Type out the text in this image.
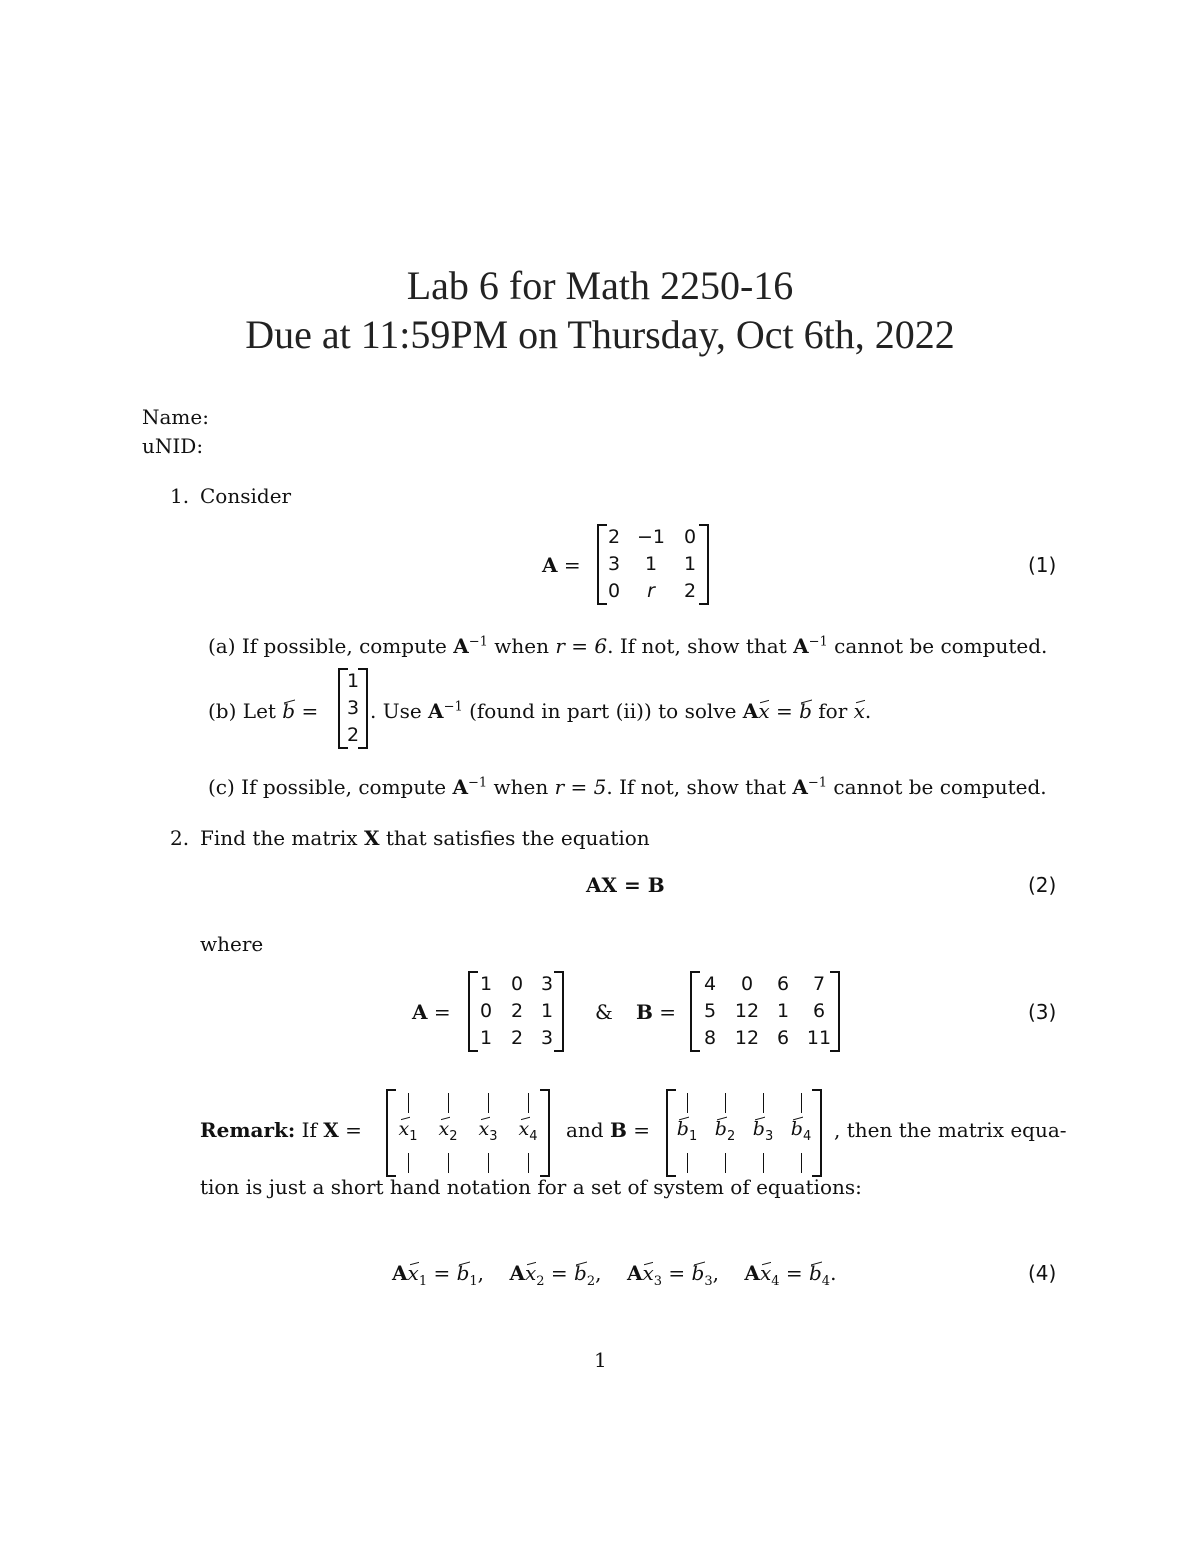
Lab 6 for Math 2250-16
Due at 11:59PM on Thursday, Oct 6th, 2022
Name:
uNID:
1. Consider
A =
2	−1	0
3	1	1
0	r	2
(1)
(a) If possible, compute $A^{-1}$ when r = 6. If not, show that $A^{-1}$ cannot be computed.
(b) Let b =
1
3
2
. Use $A^{-1}$ (found in part (ii)) to solve Ax = b for x.
(c) If possible, compute $A^{-1}$ when r = 5. If not, show that $A^{-1}$ cannot be computed.
2. Find the matrix X that satisfies the equation
AX = B	(2)
where
A =
1	0	3
0	2	1
1	2	3
& B =
4	0	6	7
5	12	1	6
8	12	6	11
(3)
Remark: If X =
			$x_1$	$x_2$	$x_3$	$x_4$
			and B =
			$b_1$	$b_2$	$b_3$	$b_4$
			, then the matrix equa-
tion is just a short hand notation for a set of system of equations:
$Ax_1 = b_1$,    $Ax_2 = b_2$,    $Ax_3 = b_3$,    $Ax_4 = b_4$.	(4)
1
